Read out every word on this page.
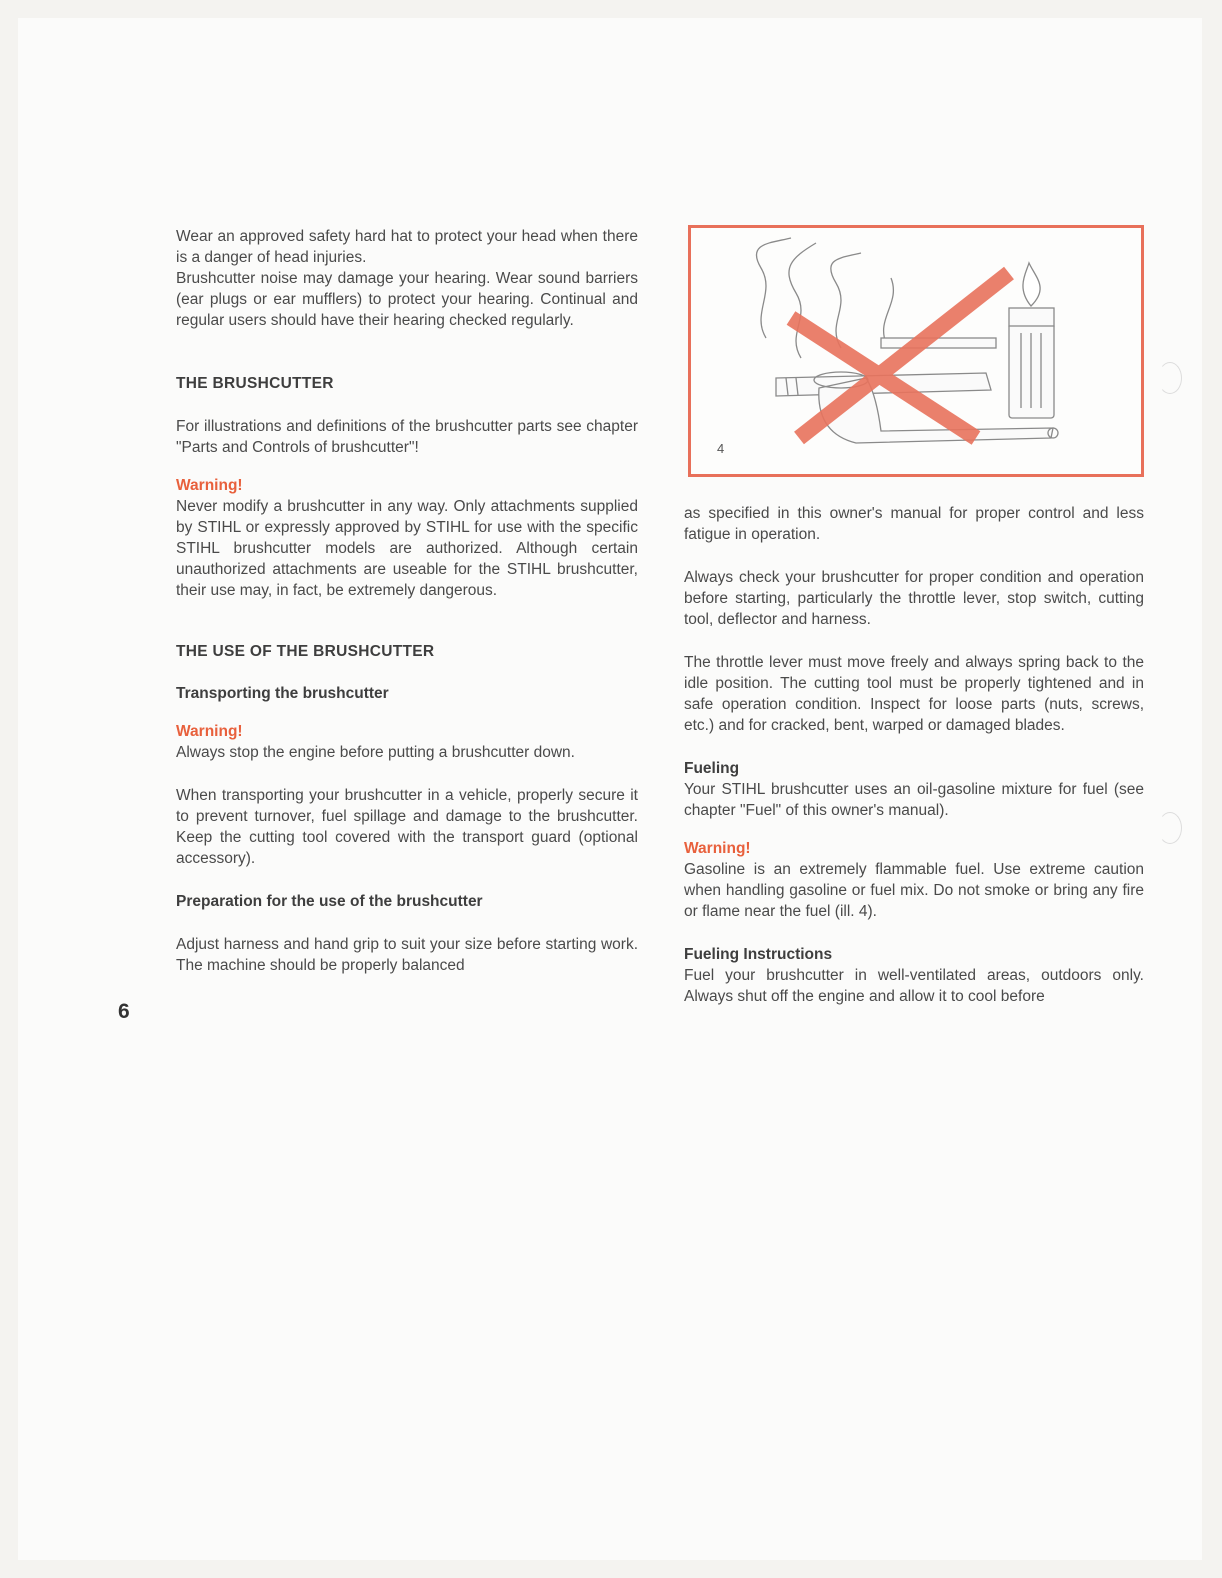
Wear an approved safety hard hat to protect your head when there is a danger of head injuries.

Brushcutter noise may damage your hearing. Wear sound barriers (ear plugs or ear mufflers) to protect your hearing. Continual and regular users should have their hearing checked regularly.

THE BRUSHCUTTER

For illustrations and definitions of the brushcutter parts see chapter "Parts and Controls of brushcutter"!

Warning!

Never modify a brushcutter in any way. Only attachments supplied by STIHL or expressly approved by STIHL for use with the specific STIHL brushcutter models are authorized. Although certain unauthorized attachments are useable for the STIHL brushcutter, their use may, in fact, be extremely dangerous.

THE USE OF THE BRUSHCUTTER
Transporting the brushcutter
Warning!

Always stop the engine before putting a brushcutter down.

When transporting your brushcutter in a vehicle, properly secure it to prevent turnover, fuel spillage and damage to the brushcutter. Keep the cutting tool covered with the transport guard (optional accessory).

Preparation for the use of the brushcutter

Adjust harness and hand grip to suit your size before starting work. The machine should be properly balanced

6
4

as specified in this owner's manual for proper control and less fatigue in operation.

Always check your brushcutter for proper condition and operation before starting, particularly the throttle lever, stop switch, cutting tool, deflector and harness.

The throttle lever must move freely and always spring back to the idle position. The cutting tool must be properly tightened and in safe operation condition. Inspect for loose parts (nuts, screws, etc.) and for cracked, bent, warped or damaged blades.

Fueling

Your STIHL brushcutter uses an oil-gasoline mixture for fuel (see chapter "Fuel" of this owner's manual).

Warning!

Gasoline is an extremely flammable fuel. Use extreme caution when handling gasoline or fuel mix. Do not smoke or bring any fire or flame near the fuel (ill. 4).

Fueling Instructions

Fuel your brushcutter in well-ventilated areas, outdoors only. Always shut off the engine and allow it to cool before
